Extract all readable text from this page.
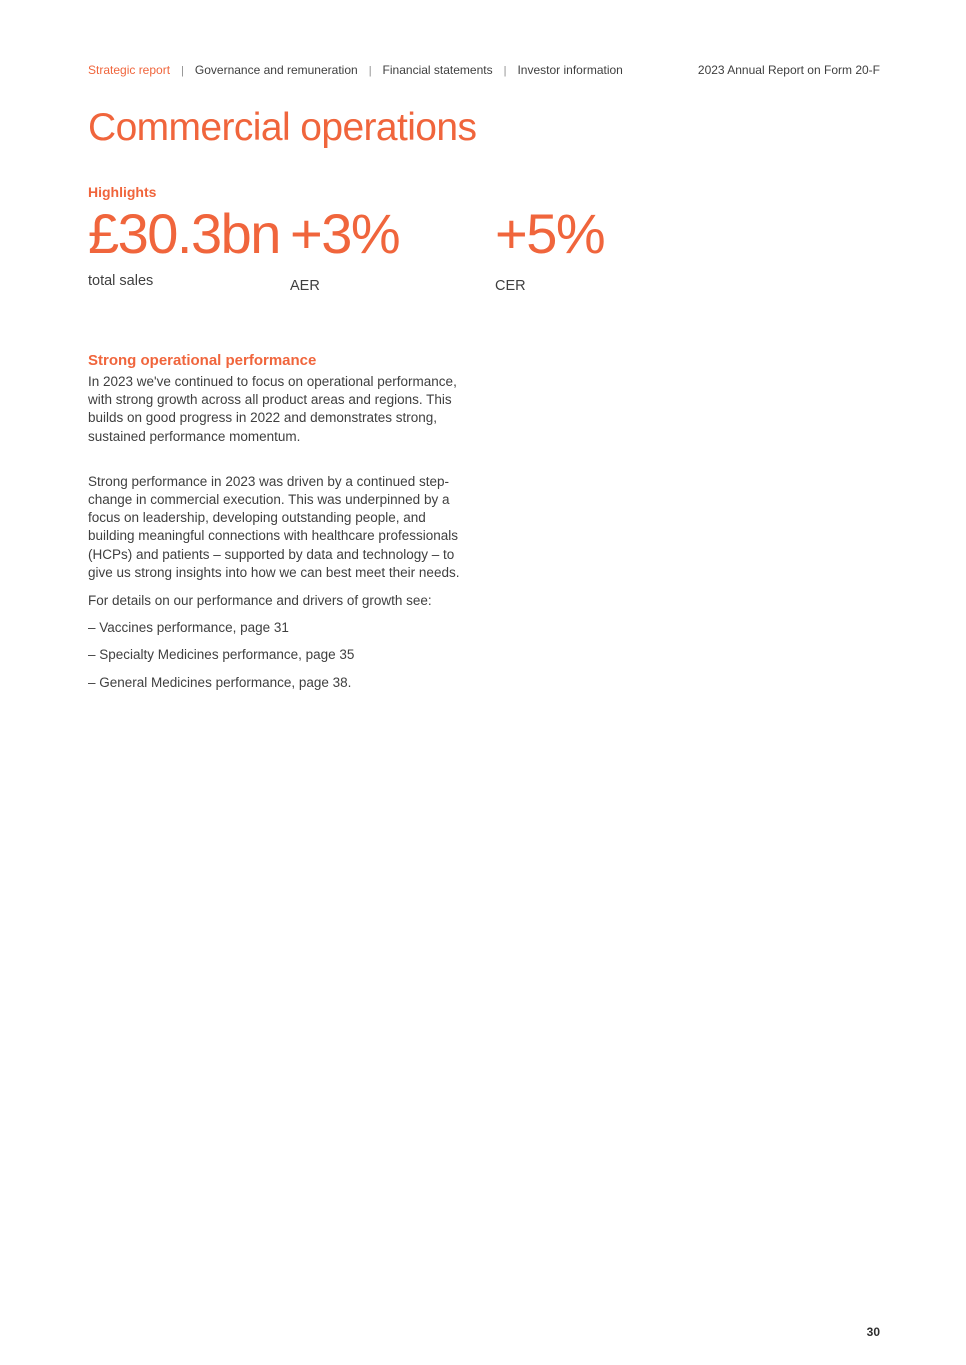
Strategic report | Governance and remuneration | Financial statements | Investor information	2023 Annual Report on Form 20-F
Commercial operations
Highlights
£30.3bn
total sales
+3%
AER
+5%
CER
Strong operational performance

In 2023 we've continued to focus on operational performance, with strong growth across all product areas and regions. This builds on good progress in 2022 and demonstrates strong, sustained performance momentum.

Strong performance in 2023 was driven by a continued step-change in commercial execution. This was underpinned by a focus on leadership, developing outstanding people, and building meaningful connections with healthcare professionals (HCPs) and patients – supported by data and technology – to give us strong insights into how we can best meet their needs.

For details on our performance and drivers of growth see:

– Vaccines performance, page 31
– Specialty Medicines performance, page 35
– General Medicines performance, page 38.
30
